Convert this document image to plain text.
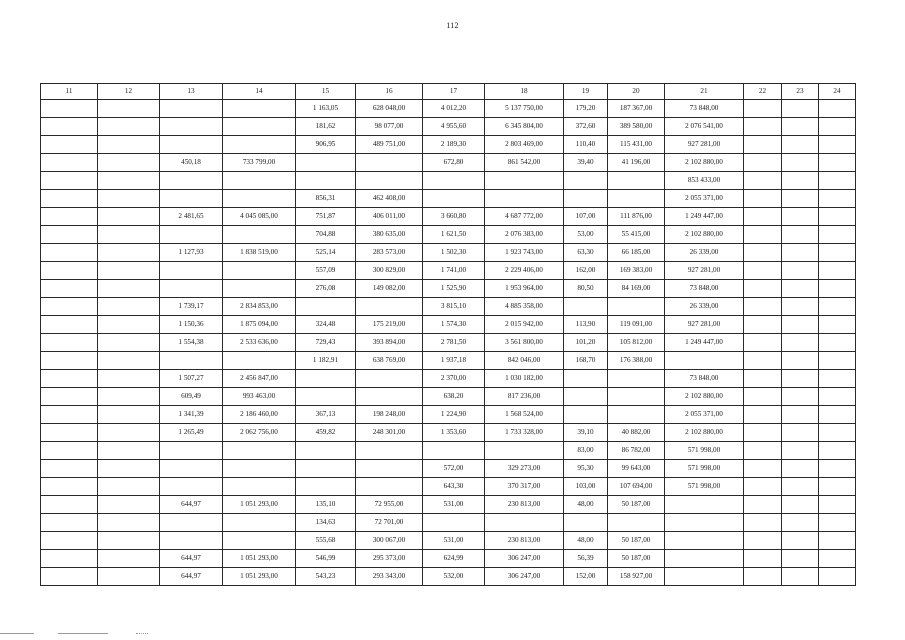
112
11	12	13	14	15	16	17	18	19	20	21	22	23	24
				1 163,05	628 048,00	4 012,20	5 137 750,00	179,20	187 367,00	73 848,00			
				181,62	98 077,00	4 955,60	6 345 804,00	372,60	389 580,00	2 076 541,00			
				906,95	489 751,00	2 189,30	2 803 469,00	110,40	115 431,00	927 281,00			
		450,18	733 799,00			672,80	861 542,00	39,40	41 196,00	2 102 880,00			
										853 433,00			
				856,31	462 408,00					2 055 371,00			
		2 481,65	4 045 085,00	751,87	406 011,00	3 660,80	4 687 772,00	107,00	111 876,00	1 249 447,00			
				704,88	380 635,00	1 621,50	2 076 383,00	53,00	55 415,00	2 102 880,00			
		1 127,93	1 838 519,00	525,14	283 573,00	1 502,30	1 923 743,00	63,30	66 185,00	26 339,00			
				557,09	300 829,00	1 741,00	2 229 406,00	162,00	169 383,00	927 281,00			
				276,08	149 082,00	1 525,90	1 953 964,00	80,50	84 169,00	73 848,00			
		1 739,17	2 834 853,00			3 815,10	4 885 358,00			26 339,00			
		1 150,36	1 875 094,00	324,48	175 219,00	1 574,30	2 015 942,00	113,90	119 091,00	927 281,00			
		1 554,38	2 533 636,00	729,43	393 894,00	2 781,50	3 561 800,00	101,20	105 812,00	1 249 447,00			
				1 182,91	638 769,00	1 937,18	842 046,00	168,70	176 388,00				
		1 507,27	2 456 847,00			2 370,00	1 030 182,00			73 848,00			
		609,49	993 463,00			638,20	817 236,00			2 102 880,00			
		1 341,39	2 186 460,00	367,13	198 248,00	1 224,90	1 568 524,00			2 055 371,00			
		1 265,49	2 062 756,00	459,82	248 301,00	1 353,60	1 733 328,00	39,10	40 882,00	2 102 880,00			
								83,00	86 782,00	571 998,00			
						572,00	329 273,00	95,30	99 643,00	571 998,00			
						643,30	370 317,00	103,00	107 694,00	571 998,00			
		644,97	1 051 293,00	135,10	72 955,00	531,00	230 813,00	48,00	50 187,00				
				134,63	72 701,00								
				555,68	300 067,00	531,00	230 813,00	48,00	50 187,00				
		644,97	1 051 293,00	546,99	295 373,00	624,99	306 247,00	56,39	50 187,00				
		644,97	1 051 293,00	543,23	293 343,00	532,00	306 247,00	152,00	158 927,00				
